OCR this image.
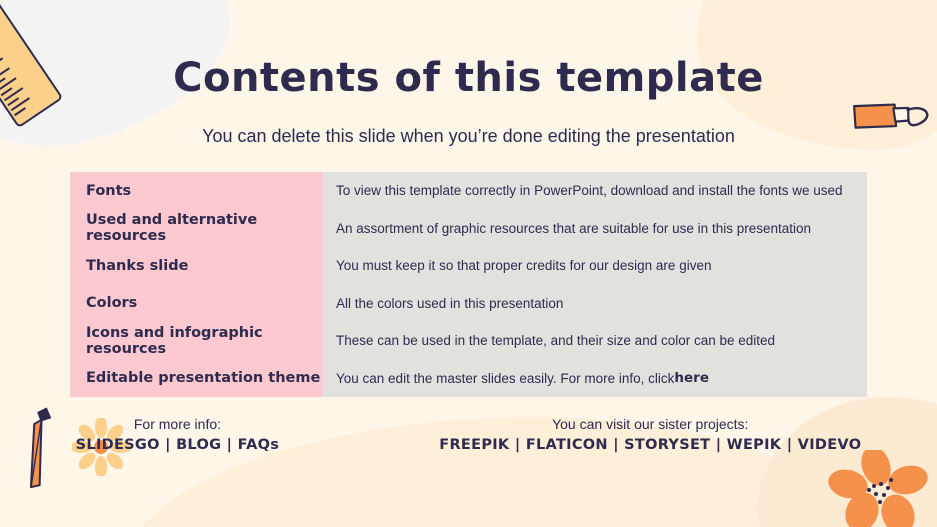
Contents of this template
You can delete this slide when you’re done editing the presentation
Fonts
Used and alternative resources
Thanks slide
Colors
Icons and infographic resources
Editable presentation theme
To view this template correctly in PowerPoint, download and install the fonts we used
An assortment of graphic resources that are suitable for use in this presentation
You must keep it so that proper credits for our design are given
All the colors used in this presentation
These can be used in the template, and their size and color can be edited
You can edit the master slides easily. For more info, click here
For more info:
SLIDESGO | BLOG | FAQs
You can visit our sister projects:
FREEPIK | FLATICON | STORYSET | WEPIK | VIDEVO
